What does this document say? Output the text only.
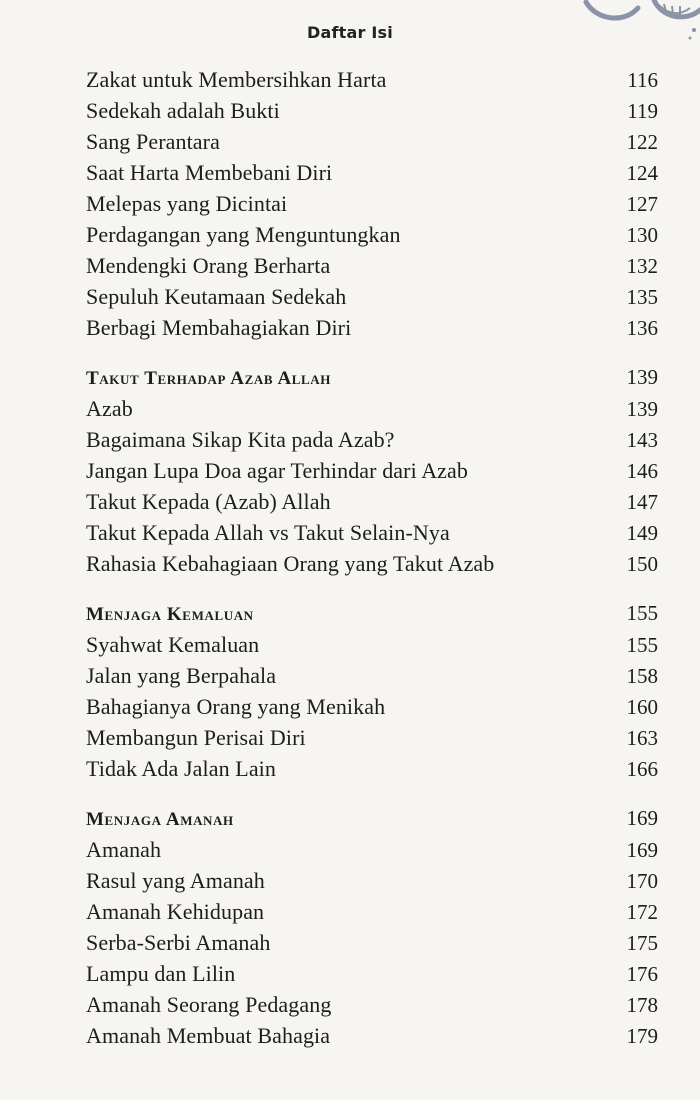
Daftar Isi
Zakat untuk Membersihkan Harta	116
Sedekah adalah Bukti	119
Sang Perantara	122
Saat Harta Membebani Diri	124
Melepas yang Dicintai	127
Perdagangan yang Menguntungkan	130
Mendengki Orang Berharta	132
Sepuluh Keutamaan Sedekah	135
Berbagi Membahagiakan Diri	136
Takut Terhadap Azab Allah	139
Azab	139
Bagaimana Sikap Kita pada Azab?	143
Jangan Lupa Doa agar Terhindar dari Azab	146
Takut Kepada (Azab) Allah	147
Takut Kepada Allah vs Takut Selain-Nya	149
Rahasia Kebahagiaan Orang yang Takut Azab	150
Menjaga Kemaluan	155
Syahwat Kemaluan	155
Jalan yang Berpahala	158
Bahagianya Orang yang Menikah	160
Membangun Perisai Diri	163
Tidak Ada Jalan Lain	166
Menjaga Amanah	169
Amanah	169
Rasul yang Amanah	170
Amanah Kehidupan	172
Serba-Serbi Amanah	175
Lampu dan Lilin	176
Amanah Seorang Pedagang	178
Amanah Membuat Bahagia	179
